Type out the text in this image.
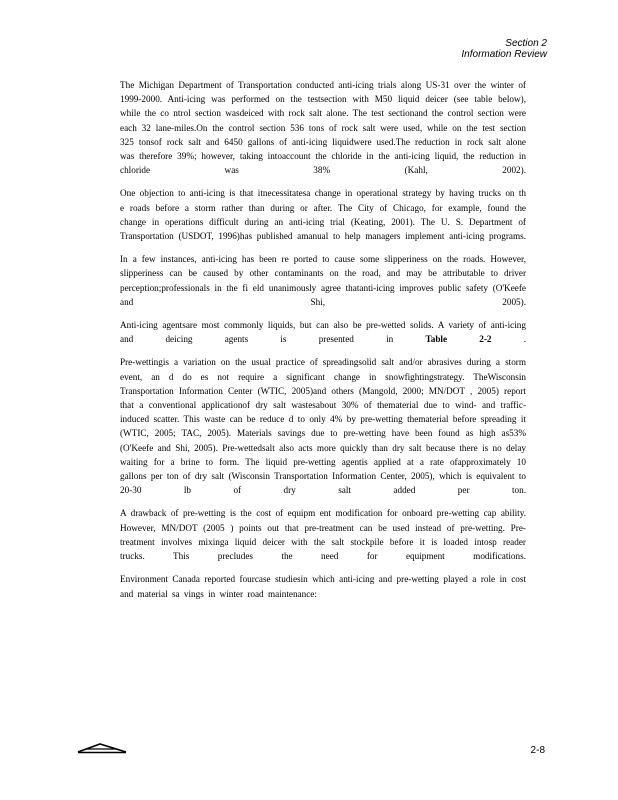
Section 2
Information Review

The Michigan Department of Transportation conducted anti-icing trials along US-31 over the winter of 1999-2000. Anti-icing was performed on the testsection with M50 liquid deicer (see table below), while the co ntrol section wasdeiced with rock salt alone. The test sectionand the control section were each 32 lane-miles.On the control section 536 tons of rock salt were used, while on the test section 325 tonsof rock salt and 6450 gallons of anti-icing liquidwere used.The reduction in rock salt alone was therefore 39%; however, taking intoaccount the chloride in the anti-icing liquid, the reduction in chloride was 38% (Kahl, 2002).

One objection to anti-icing is that itnecessitatesa change in operational strategy by having trucks on th e roads before a storm rather than during or after. The City of Chicago, for example, found the change in operations difficult during an anti-icing trial (Keating, 2001). The U. S. Department of Transportation (USDOT, 1996)has published amanual to help managers implement anti-icing programs.

In a few instances, anti-icing has been re ported to cause some slipperiness on the roads. However, slipperiness can be caused by other contaminants on the road, and may be attributable to driver perception;professionals in the fi eld unanimously agree thatanti-icing improves public safety (O'Keefe and Shi, 2005).

Anti-icing agentsare most commonly liquids, but can also be pre-wetted solids. A variety of anti-icing and deicing agents is presented in	Table 2-2	.

Pre-wettingis a variation on the usual practice of spreadingsolid salt and/or abrasives during a storm event, an d do es not require a significant change in snowfightingstrategy. TheWisconsin Transportation Information Center (WTIC, 2005)and others (Mangold, 2000; MN/DOT , 2005) report that a conventional applicationof dry salt wastesabout 30% of thematerial due to wind- and traffic-induced scatter. This waste can be reduce d to only 4% by pre-wetting thematerial before spreading it (WTIC, 2005; TAC, 2005). Materials savings due to pre-wetting have been found as high as53% (O'Keefe and Shi, 2005). Pre-wettedsalt also acts more quickly than dry salt because there is no delay waiting for a brine to form. The liquid pre-wetting agentis applied at a rate ofapproximately 10 gallons per ton of dry salt (Wisconsin Transportation Information Center, 2005), which is equivalent to 20-30 lb of dry salt added per ton.

A drawback of pre-wetting is the cost of equipm ent modification for onboard pre-wetting cap ability. However, MN/DOT (2005 ) points out that pre-treatment can be used instead of pre-wetting. Pre-treatment involves mixinga liquid deicer with the salt stockpile before it is loaded intosp reader trucks. This precludes the need for equipment modifications.

Environment Canada reported fourcase studiesin which anti-icing and pre-wetting played a role in cost and material sa vings in winter road maintenance:

2-8
